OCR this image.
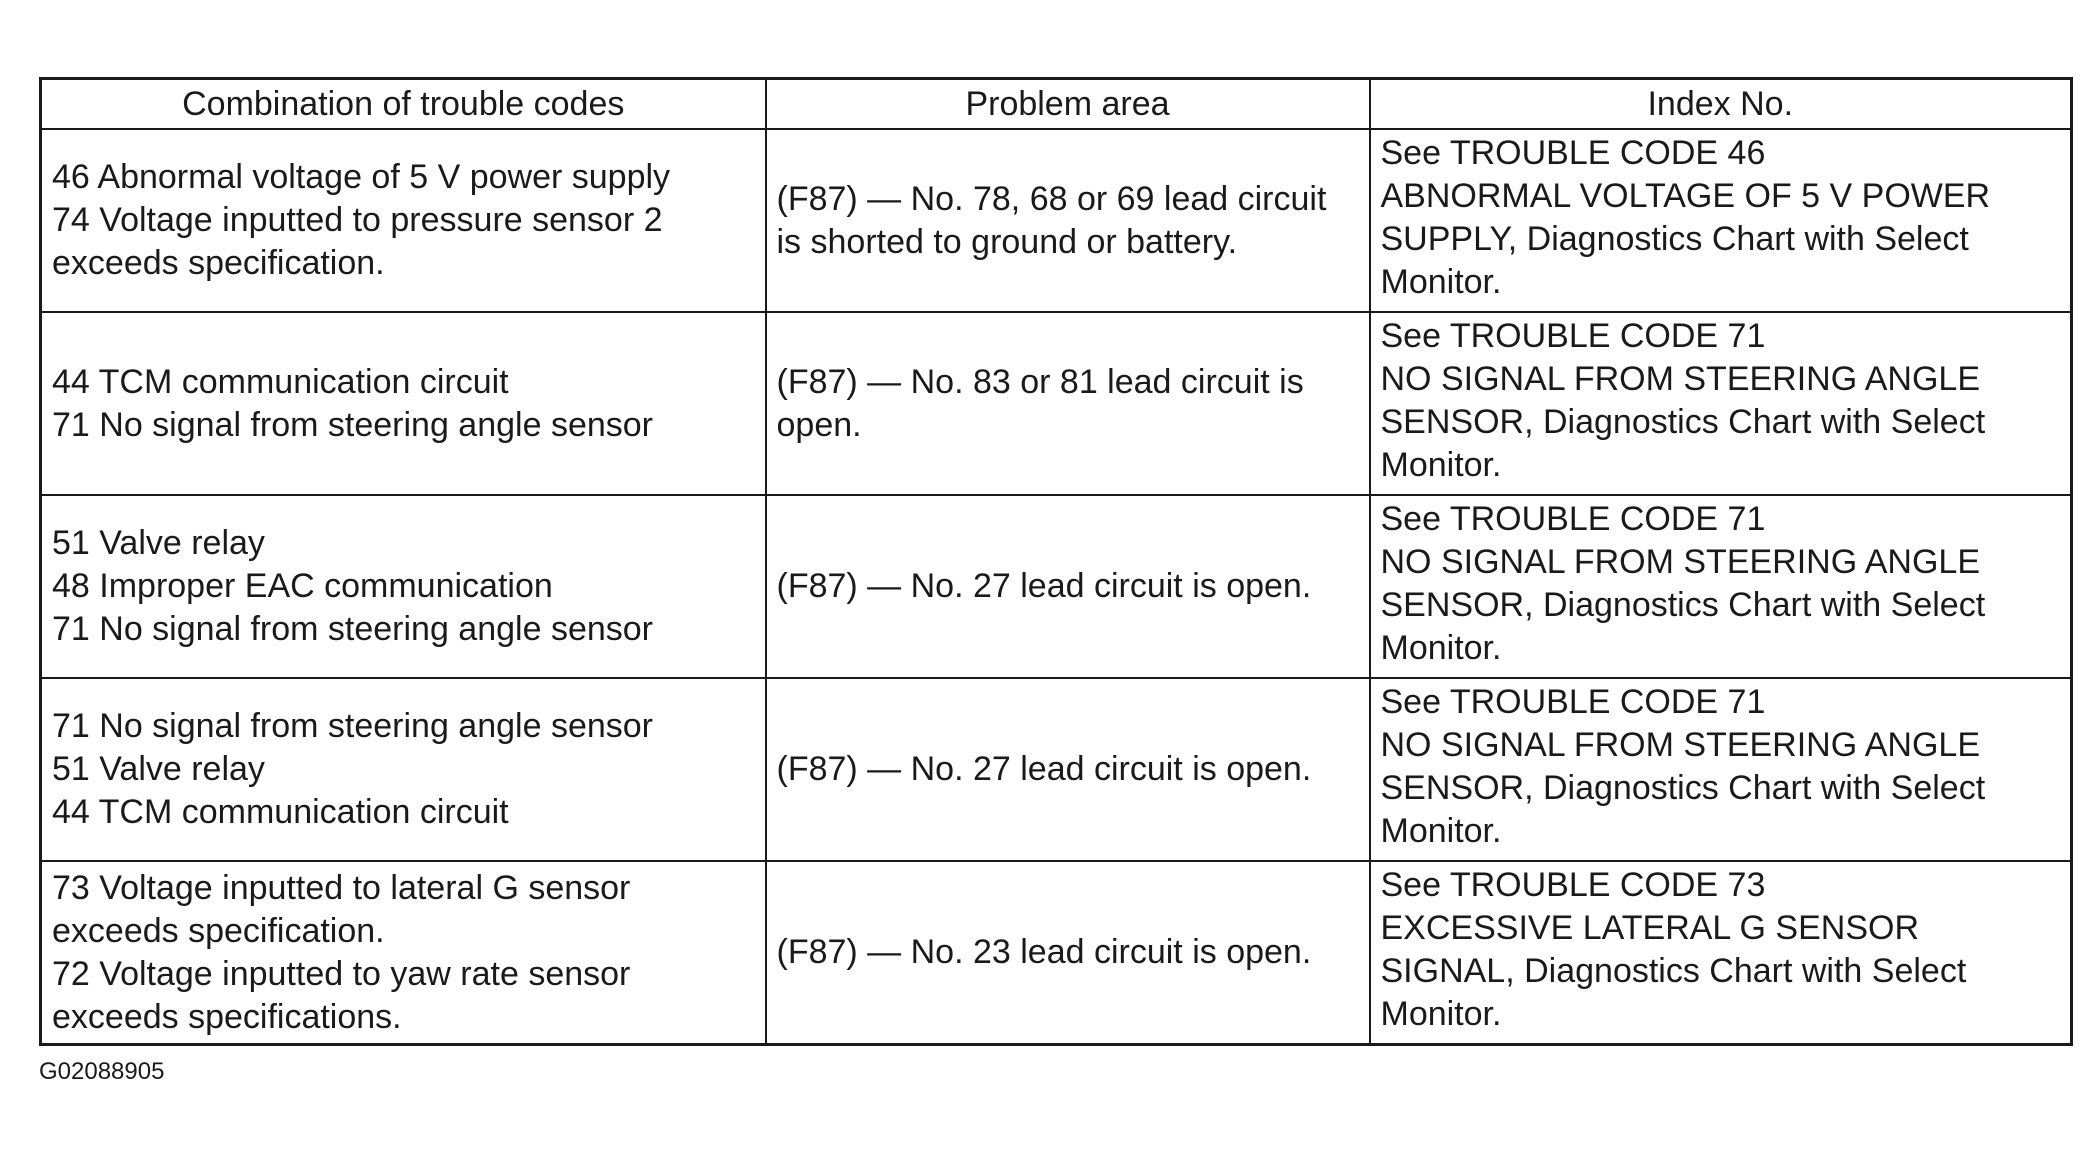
Combination of trouble codes	Problem area	Index No.

46 Abnormal voltage of 5 V power supply
74 Voltage inputted to pressure sensor 2
exceeds specification.	(F87) — No. 78, 68 or 69 lead circuit
is shorted to ground or battery.	See TROUBLE CODE 46
ABNORMAL VOLTAGE OF 5 V POWER
SUPPLY, Diagnostics Chart with Select
Monitor.

44 TCM communication circuit
71 No signal from steering angle sensor	(F87) — No. 83 or 81 lead circuit is
open.	See TROUBLE CODE 71
NO SIGNAL FROM STEERING ANGLE
SENSOR, Diagnostics Chart with Select
Monitor.

51 Valve relay
48 Improper EAC communication
71 No signal from steering angle sensor	(F87) — No. 27 lead circuit is open.	See TROUBLE CODE 71
NO SIGNAL FROM STEERING ANGLE
SENSOR, Diagnostics Chart with Select
Monitor.

71 No signal from steering angle sensor
51 Valve relay
44 TCM communication circuit	(F87) — No. 27 lead circuit is open.	See TROUBLE CODE 71
NO SIGNAL FROM STEERING ANGLE
SENSOR, Diagnostics Chart with Select
Monitor.

73 Voltage inputted to lateral G sensor
exceeds specification.
72 Voltage inputted to yaw rate sensor
exceeds specifications.	(F87) — No. 23 lead circuit is open.	See TROUBLE CODE 73
EXCESSIVE LATERAL G SENSOR
SIGNAL, Diagnostics Chart with Select
Monitor.
G02088905
